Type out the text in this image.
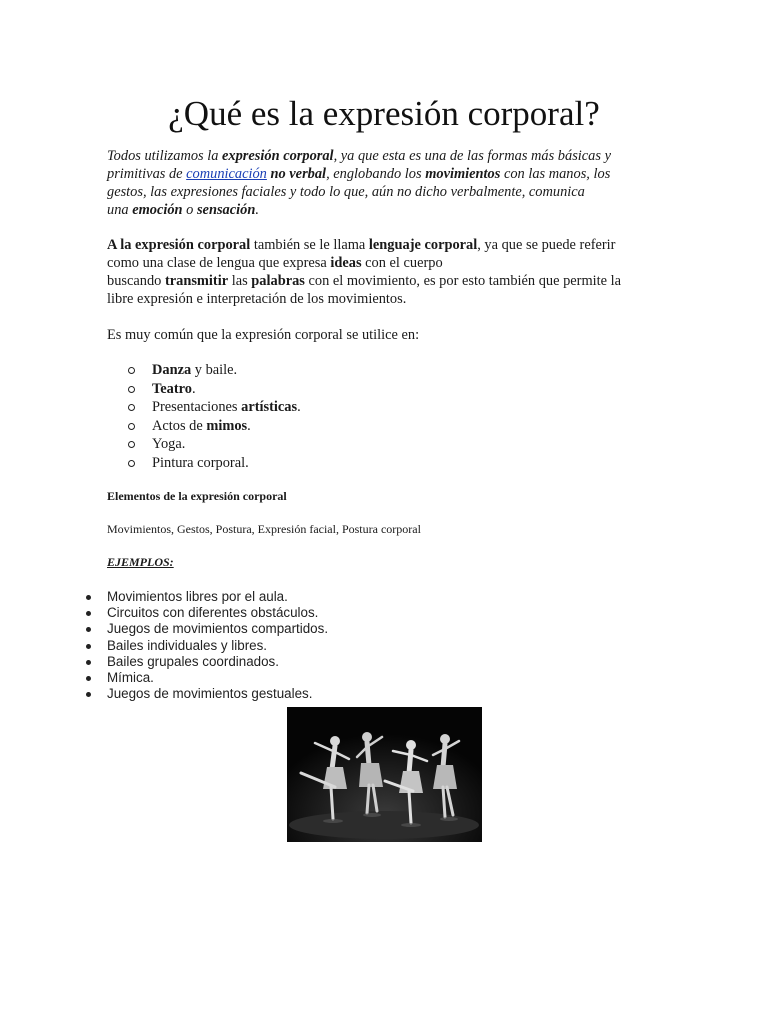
¿Qué es la expresión corporal?

Todos utilizamos la expresión corporal, ya que esta es una de las formas más básicas y
primitivas de comunicación no verbal, englobando los movimientos con las manos, los
gestos, las expresiones faciales y todo lo que, aún no dicho verbalmente, comunica
una emoción o sensación.

A la expresión corporal también se le llama lenguaje corporal, ya que se puede referir
como una clase de lengua que expresa ideas con el cuerpo
buscando transmitir las palabras con el movimiento, es por esto también que permite la
libre expresión e interpretación de los movimientos.

Es muy común que la expresión corporal se utilice en:

Danza y baile.
Teatro.
Presentaciones artísticas.
Actos de mimos.
Yoga.
Pintura corporal.

Elementos de la expresión corporal

Movimientos, Gestos, Postura, Expresión facial, Postura corporal

EJEMPLOS:

Movimientos libres por el aula.
Circuitos con diferentes obstáculos.
Juegos de movimientos compartidos.
Bailes individuales y libres.
Bailes grupales coordinados.
Mímica.
Juegos de movimientos gestuales.
